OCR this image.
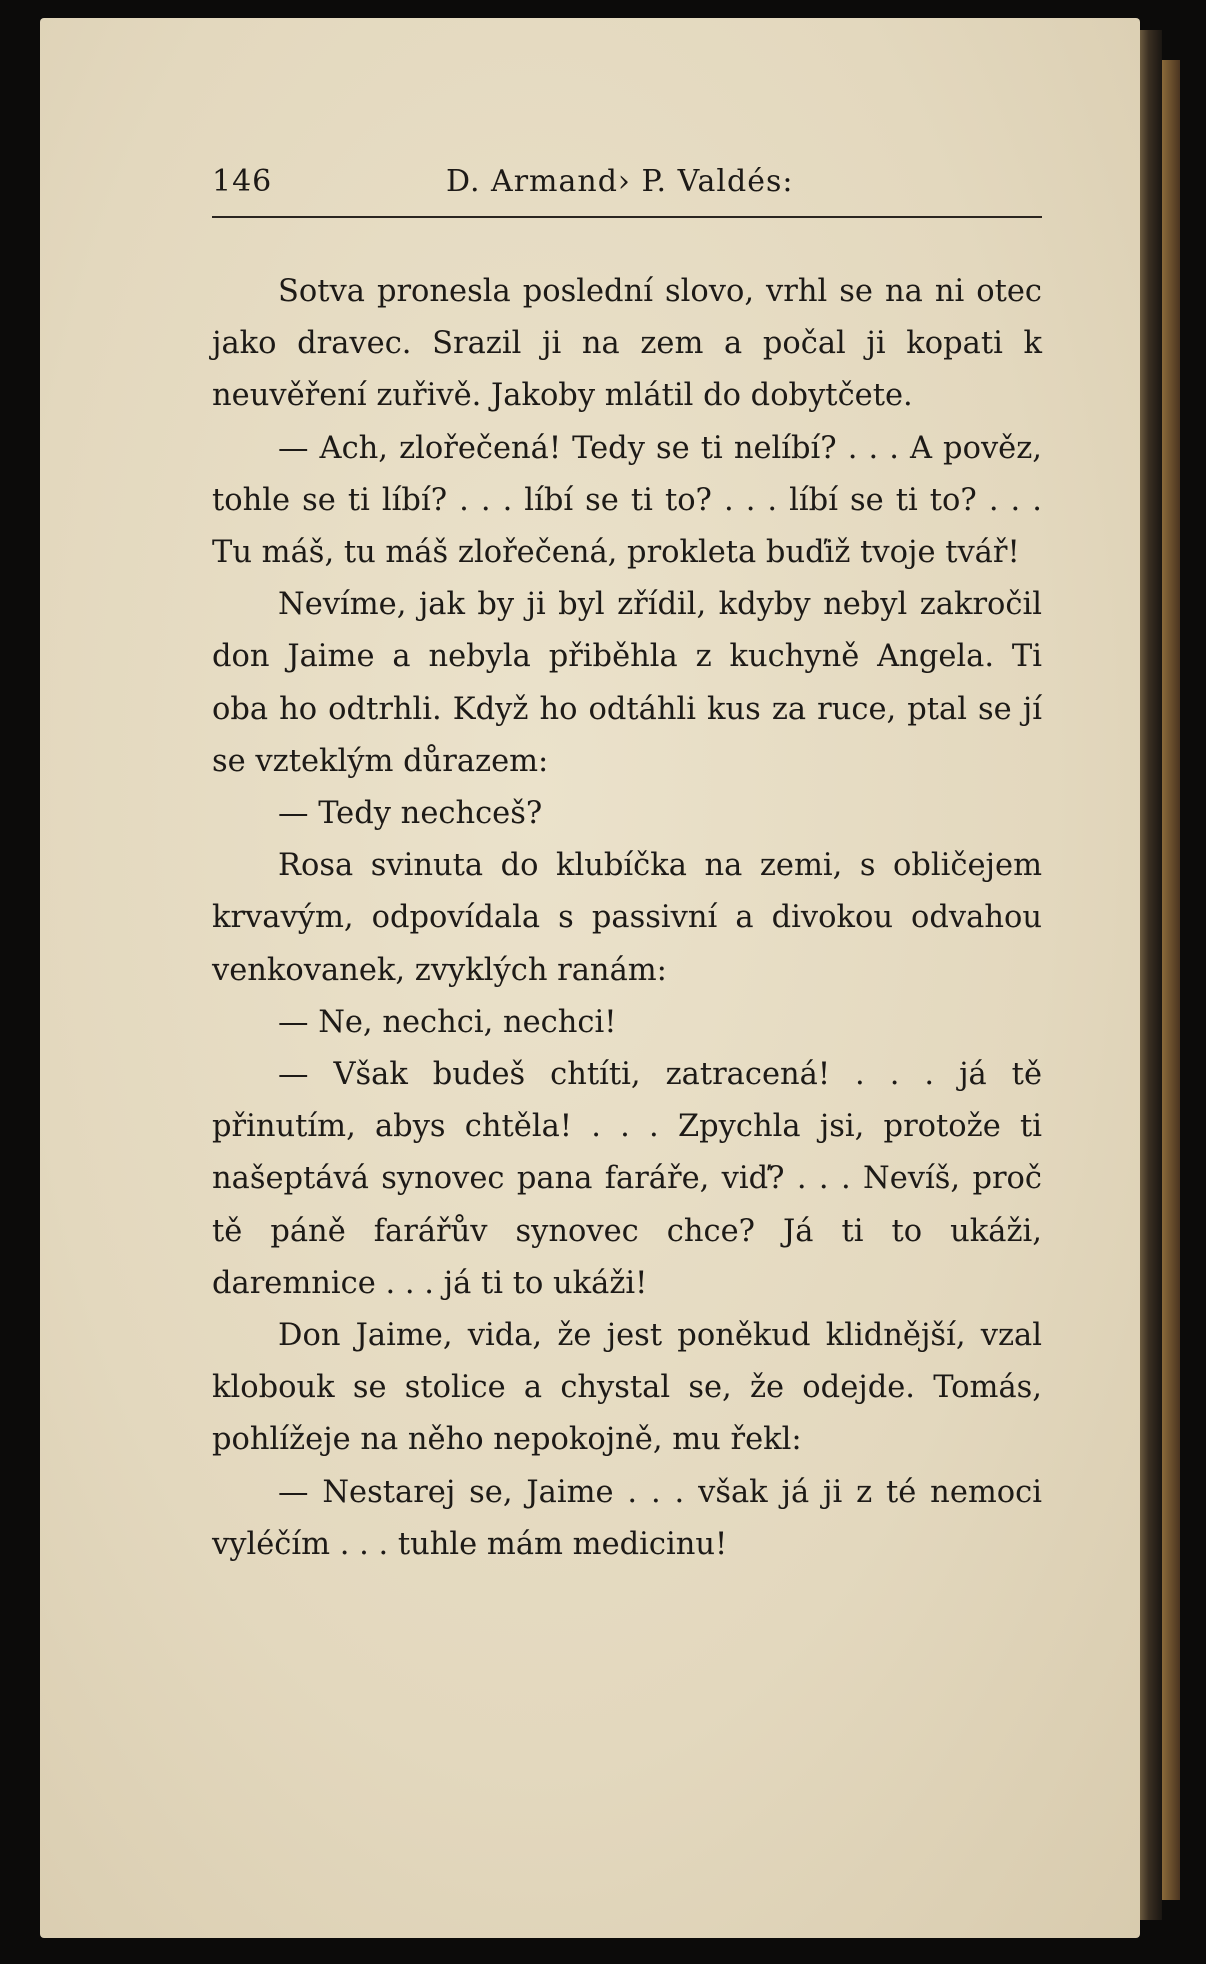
146	D. Armand› P. Valdés:

Sotva pronesla poslední slovo, vrhl se na ni otec jako dravec. Srazil ji na zem a počal ji kopati k neuvěření zuřivě. Jakoby mlátil do dobytčete.

— Ach, zlořečená! Tedy se ti nelíbí? . . . A pověz, tohle se ti líbí? . . . líbí se ti to? . . . líbí se ti to? . . . Tu máš, tu máš zlořečená, prokleta buďiž tvoje tvář!

Nevíme, jak by ji byl zřídil, kdyby nebyl zakročil don Jaime a nebyla přiběhla z kuchyně Angela. Ti oba ho odtrhli. Když ho odtáhli kus za ruce, ptal se jí se vzteklým důrazem:

— Tedy nechceš?

Rosa svinuta do klubíčka na zemi, s obličejem krvavým, odpovídala s passivní a divokou odvahou venkovanek, zvyklých ranám:

— Ne, nechci, nechci!

— Však budeš chtíti, zatracená! . . . já tě přinutím, abys chtěla! . . . Zpychla jsi, protože ti našeptává synovec pana faráře, viď? . . . Nevíš, proč tě páně farářův synovec chce? Já ti to ukáži, daremnice . . . já ti to ukáži!

Don Jaime, vida, že jest poněkud klidnější, vzal klobouk se stolice a chystal se, že odejde. Tomás, pohlížeje na něho nepokojně, mu řekl:

— Nestarej se, Jaime . . . však já ji z té nemoci vyléčím . . . tuhle mám medicinu!
